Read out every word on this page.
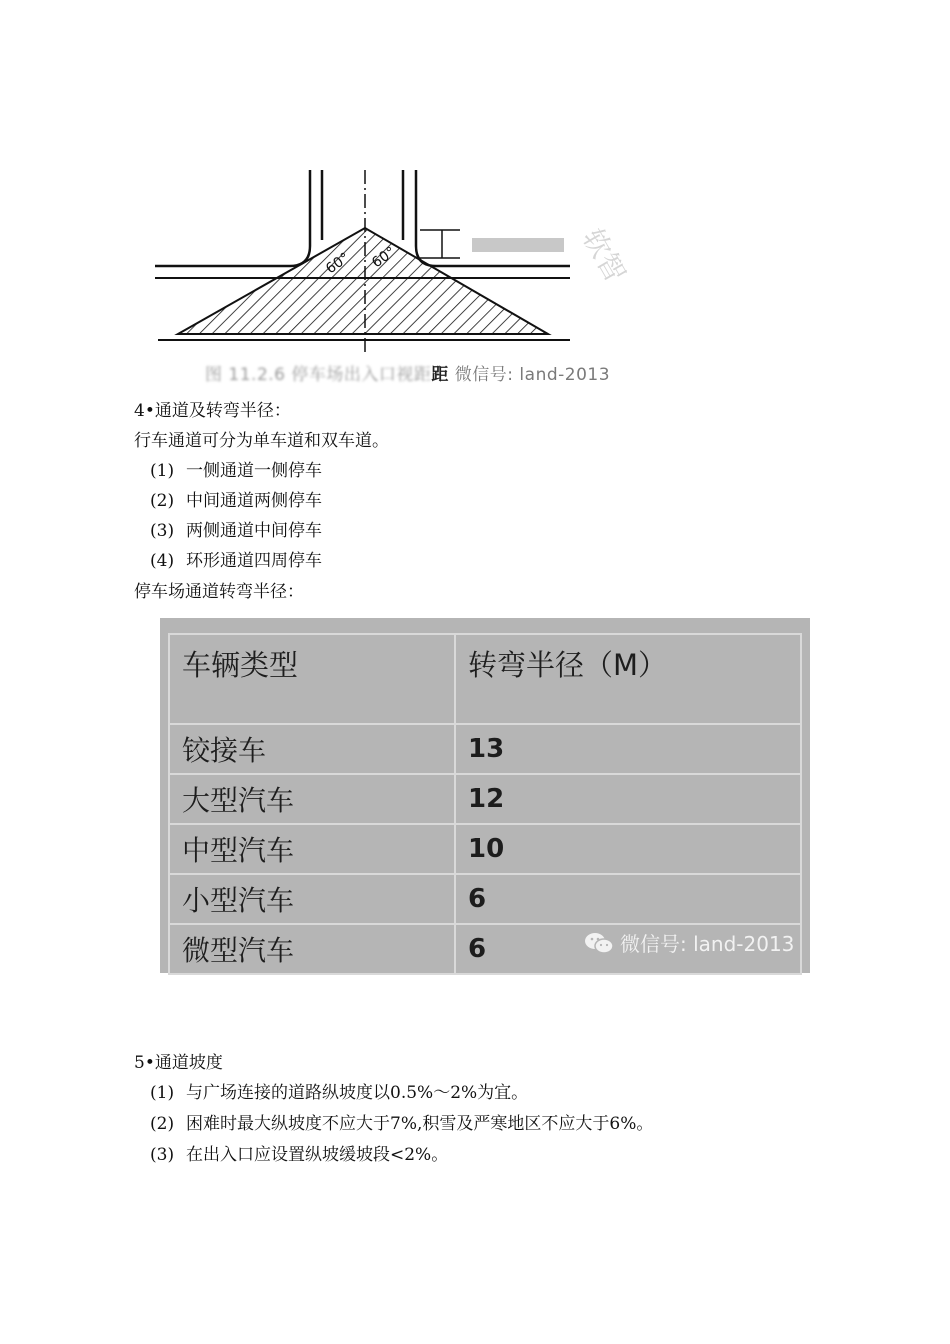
软智
60° 60°
图 11.2.6 停车场出入口视距距 微信号: land-2013
4•通道及转弯半径：
行车通道可分为单车道和双车道。
(1) 一侧通道一侧停车
(2) 中间通道两侧停车
(3) 两侧通道中间停车
(4) 环形通道四周停车
停车场通道转弯半径：
车辆类型	转弯半径（M）
铰接车	13
大型汽车	12
中型汽车	10
小型汽车	6
微型汽车	6	微信号: land-2013
5•通道坡度
(1) 与广场连接的道路纵坡度以0.5%～2%为宜。
(2) 困难时最大纵坡度不应大于7%,积雪及严寒地区不应大于6%。
(3) 在出入口应设置纵坡缓坡段<2%。
